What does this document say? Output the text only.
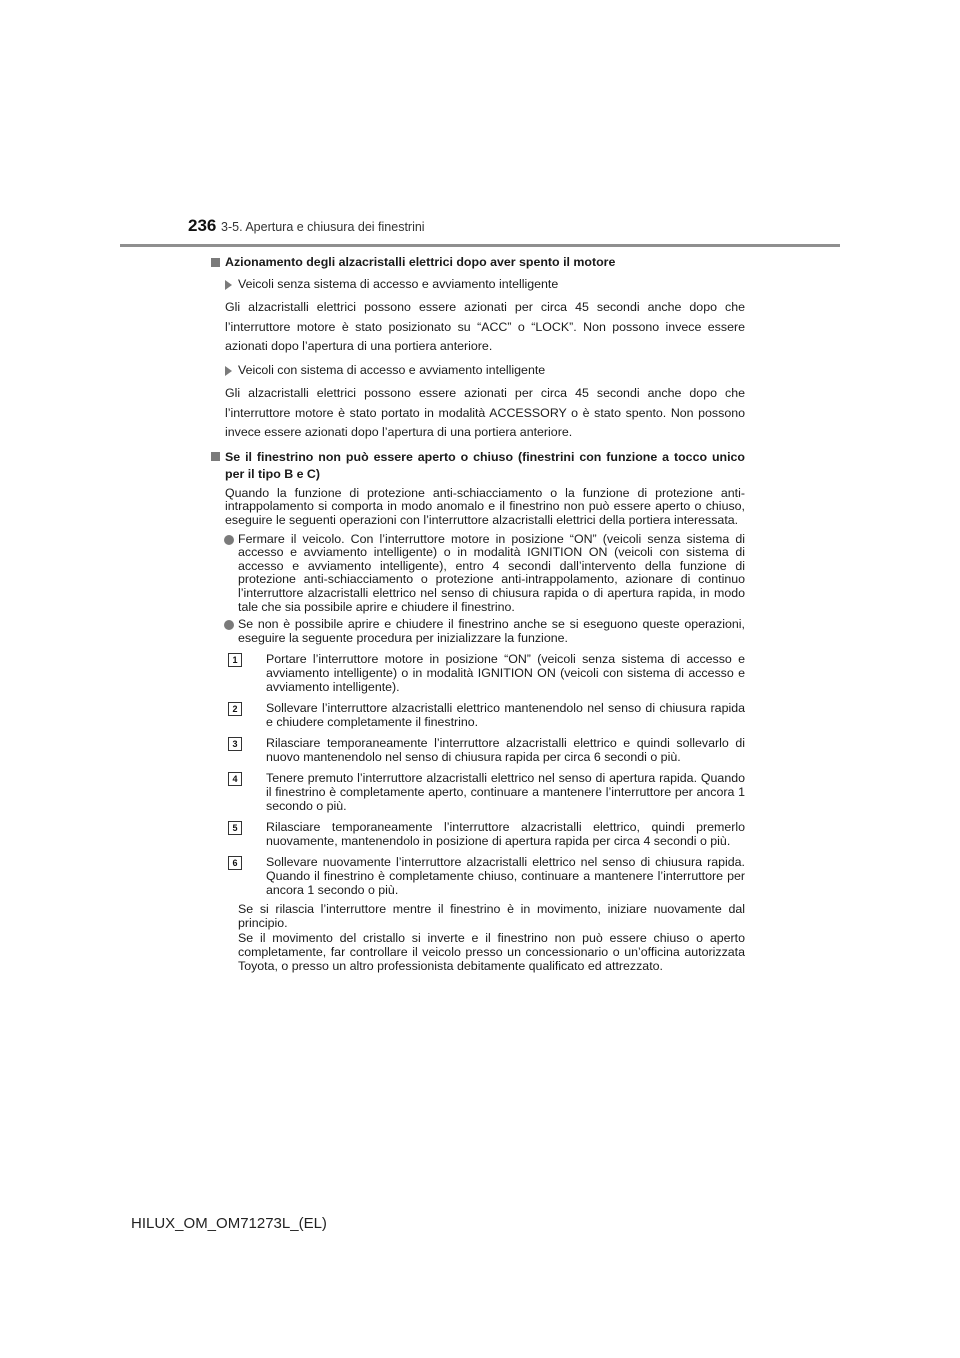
236 3-5. Apertura e chiusura dei finestrini
Azionamento degli alzacristalli elettrici dopo aver spento il motore
Veicoli senza sistema di accesso e avviamento intelligente
Gli alzacristalli elettrici possono essere azionati per circa 45 secondi anche dopo che l’interruttore motore è stato posizionato su “ACC” o “LOCK”. Non possono invece essere azionati dopo l’apertura di una portiera anteriore.
Veicoli con sistema di accesso e avviamento intelligente
Gli alzacristalli elettrici possono essere azionati per circa 45 secondi anche dopo che l’interruttore motore è stato portato in modalità ACCESSORY o è stato spento. Non possono invece essere azionati dopo l’apertura di una portiera anteriore.
Se il finestrino non può essere aperto o chiuso (finestrini con funzione a tocco unico per il tipo B e C)
Quando la funzione di protezione anti-schiacciamento o la funzione di protezione anti-intrappolamento si comporta in modo anomalo e il finestrino non può essere aperto o chiuso, eseguire le seguenti operazioni con l’interruttore alzacristalli elettrici della portiera interessata.
Fermare il veicolo. Con l’interruttore motore in posizione “ON” (veicoli senza sistema di accesso e avviamento intelligente) o in modalità IGNITION ON (veicoli con sistema di accesso e avviamento intelligente), entro 4 secondi dall’intervento della funzione di protezione anti-schiacciamento o protezione anti-intrappolamento, azionare di continuo l’interruttore alzacristalli elettrico nel senso di chiusura rapida o di apertura rapida, in modo tale che sia possibile aprire e chiudere il finestrino.
Se non è possibile aprire e chiudere il finestrino anche se si eseguono queste operazioni, eseguire la seguente procedura per inizializzare la funzione.
1	Portare l’interruttore motore in posizione “ON” (veicoli senza sistema di accesso e avviamento intelligente) o in modalità IGNITION ON (veicoli con sistema di accesso e avviamento intelligente).
2	Sollevare l’interruttore alzacristalli elettrico mantenendolo nel senso di chiusura rapida e chiudere completamente il finestrino.
3	Rilasciare temporaneamente l’interruttore alzacristalli elettrico e quindi sollevarlo di nuovo mantenendolo nel senso di chiusura rapida per circa 6 secondi o più.
4	Tenere premuto l’interruttore alzacristalli elettrico nel senso di apertura rapida. Quando il finestrino è completamente aperto, continuare a mantenere l’interruttore per ancora 1 secondo o più.
5	Rilasciare temporaneamente l’interruttore alzacristalli elettrico, quindi premerlo nuovamente, mantenendolo in posizione di apertura rapida per circa 4 secondi o più.
6	Sollevare nuovamente l’interruttore alzacristalli elettrico nel senso di chiusura rapida. Quando il finestrino è completamente chiuso, continuare a mantenere l’interruttore per ancora 1 secondo o più.
Se si rilascia l’interruttore mentre il finestrino è in movimento, iniziare nuovamente dal principio.
Se il movimento del cristallo si inverte e il finestrino non può essere chiuso o aperto completamente, far controllare il veicolo presso un concessionario o un’officina autorizzata Toyota, o presso un altro professionista debitamente qualificato ed attrezzato.
HILUX_OM_OM71273L_(EL)
